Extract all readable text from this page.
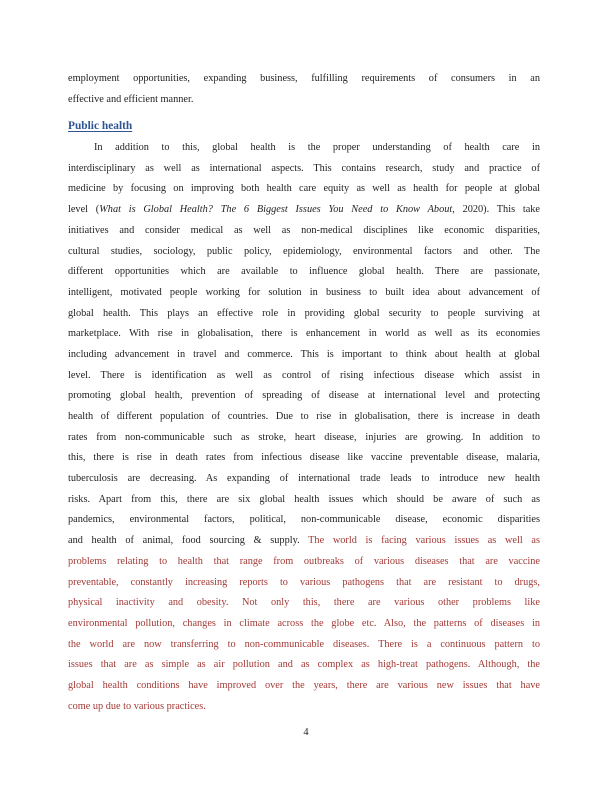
employment opportunities, expanding business, fulfilling requirements of consumers in an
effective and efficient manner.
Public health
In addition to this, global health is the proper understanding of health care in
interdisciplinary as well as international aspects. This contains research, study and practice of
medicine by focusing on improving both health care equity as well as health for people at global
level (What is Global Health? The 6 Biggest Issues You Need to Know About, 2020). This take
initiatives and consider medical as well as non-medical disciplines like economic disparities,
cultural studies, sociology, public policy, epidemiology, environmental factors and other. The
different opportunities which are available to influence global health. There are passionate,
intelligent, motivated people working for solution in business to built idea about advancement of
global health. This plays an effective role in providing global security to people surviving at
marketplace. With rise in globalisation, there is enhancement in world as well as its economies
including advancement in travel and commerce. This is important to think about health at global
level. There is identification as well as control of rising infectious disease which assist in
promoting global health, prevention of spreading of disease at international level and protecting
health of different population of countries. Due to rise in globalisation, there is increase in death
rates from non-communicable such as stroke, heart disease, injuries are growing. In addition to
this, there is rise in death rates from infectious disease like vaccine preventable disease, malaria,
tuberculosis are decreasing. As expanding of international trade leads to introduce new health
risks. Apart from this, there are six global health issues which should be aware of such as
pandemics, environmental factors, political, non-communicable disease, economic disparities
and health of animal, food sourcing & supply. The world is facing various issues as well as
problems relating to health that range from outbreaks of various diseases that are vaccine
preventable, constantly increasing reports to various pathogens that are resistant to drugs,
physical inactivity and obesity. Not only this, there are various other problems like
environmental pollution, changes in climate across the globe etc. Also, the patterns of diseases in
the world are now transferring to non-communicable diseases. There is a continuous pattern to
issues that are as simple as air pollution and as complex as high-treat pathogens. Although, the
global health conditions have improved over the years, there are various new issues that have
come up due to various practices.
4
